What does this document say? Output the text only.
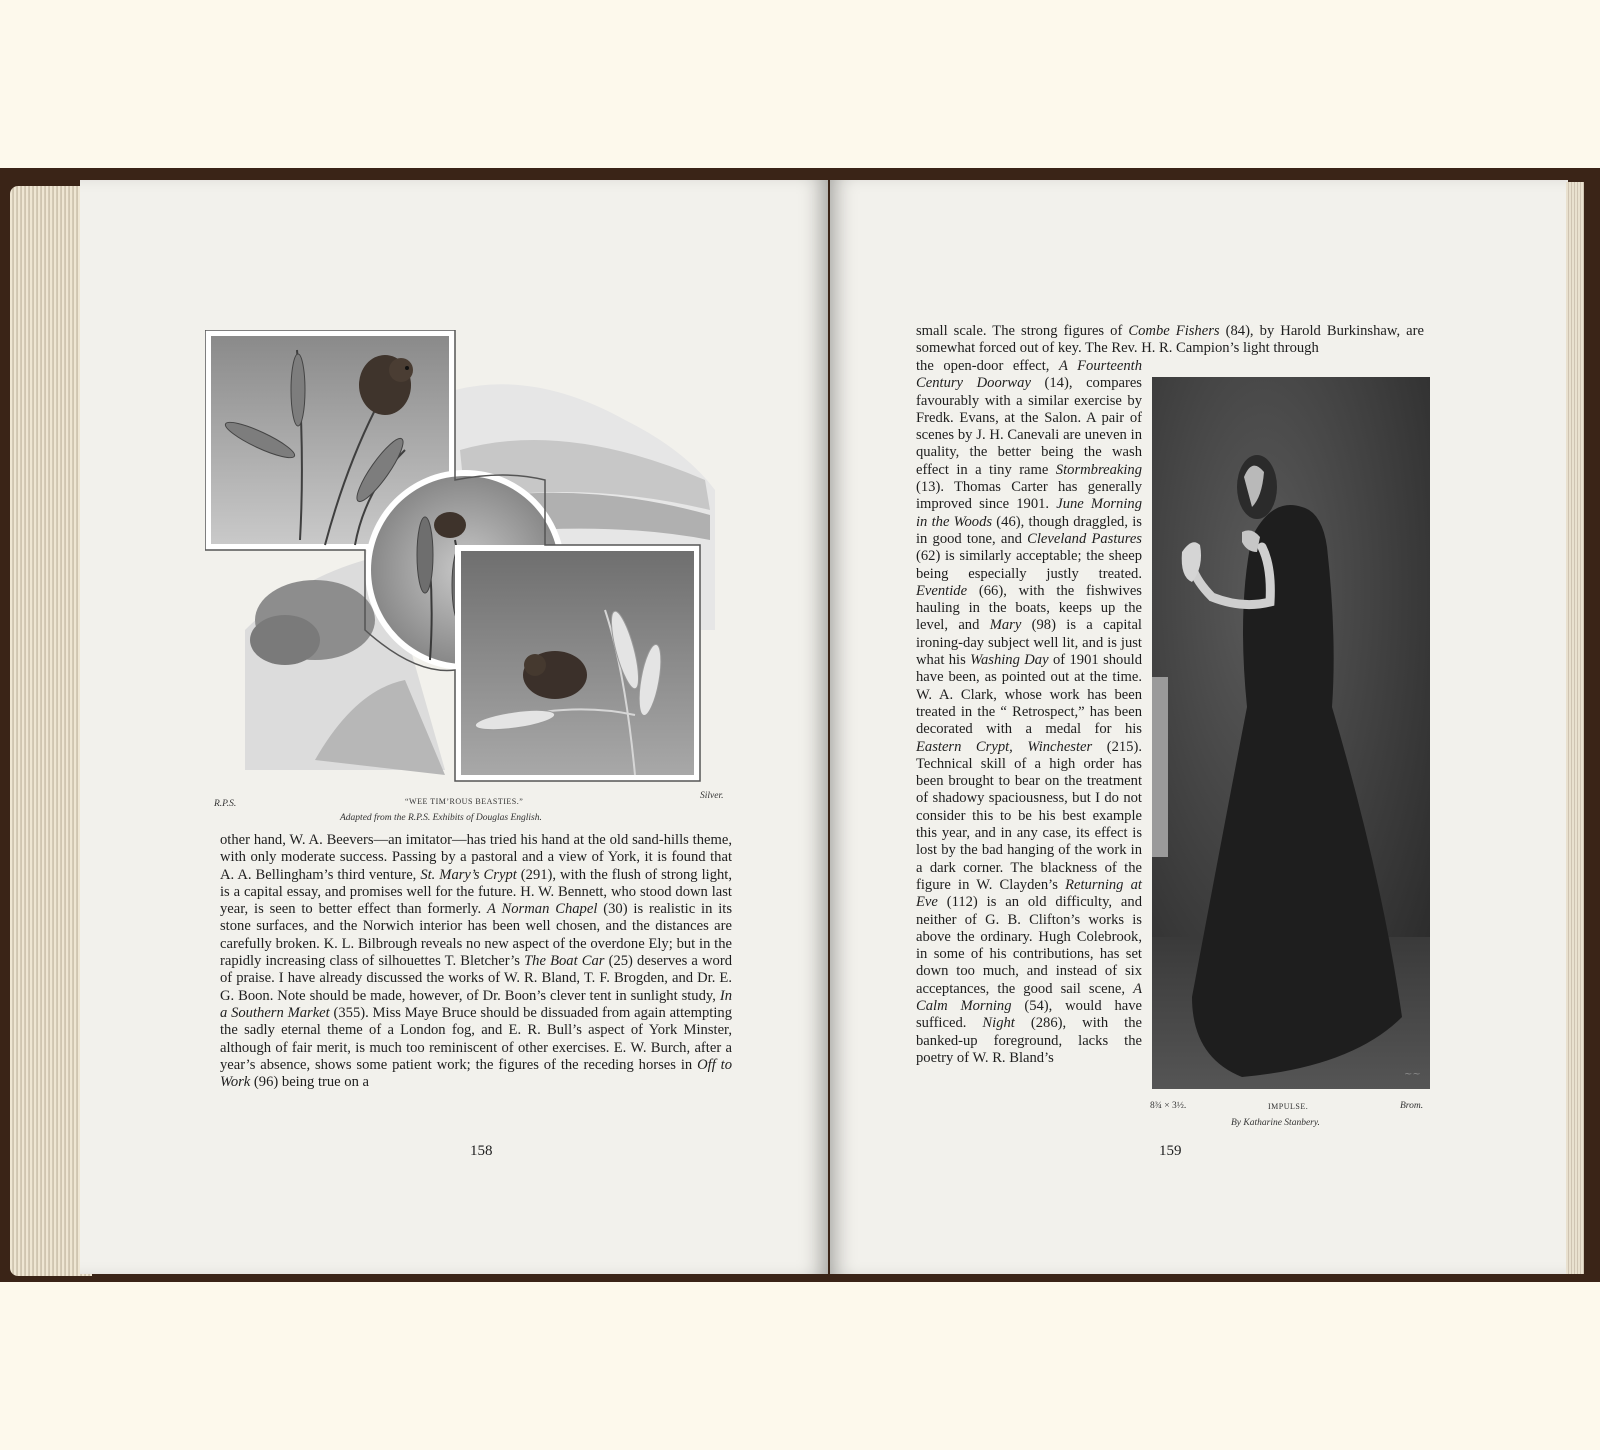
R.P.S.	“WEE TIM’ROUS BEASTIES.”
Silver.
Adapted from the R.P.S. Exhibits of Douglas English.

other hand, W. A. Beevers—an imitator—has tried his hand at the old sand-hills theme, with only moderate success. Passing by a pastoral and a view of York, it is found that A. A. Bellingham’s third venture, St. Mary’s Crypt (291), with the flush of strong light, is a capital essay, and promises well for the future. H. W. Bennett, who stood down last year, is seen to better effect than formerly. A Norman Chapel (30) is realistic in its stone surfaces, and the Norwich interior has been well chosen, and the distances are carefully broken. K. L. Bilbrough reveals no new aspect of the overdone Ely; but in the rapidly increasing class of silhouettes T. Bletcher’s The Boat Car (25) deserves a word of praise. I have already discussed the works of W. R. Bland, T. F. Brogden, and Dr. E. G. Boon. Note should be made, however, of Dr. Boon’s clever tent in sunlight study, In a Southern Market (355). Miss Maye Bruce should be dissuaded from again attempting the sadly eternal theme of a London fog, and E. R. Bull’s aspect of York Minster, although of fair merit, is much too reminiscent of other exercises. E. W. Burch, after a year’s absence, shows some patient work; the figures of the receding horses in Off to Work (96) being true on a

158

small scale. The strong figures of Combe Fishers (84), by Harold Burkinshaw, are somewhat forced out of key. The Rev. H. R. Campion’s light through

the open-door effect, A Fourteenth Century Doorway (14), compares favourably with a similar exercise by Fredk. Evans, at the Salon. A pair of scenes by J. H. Canevali are uneven in quality, the better being the wash effect in a tiny rame Stormbreaking (13). Thomas Carter has generally improved since 1901. June Morning in the Woods (46), though draggled, is in good tone, and Cleveland Pastures (62) is similarly acceptable; the sheep being especially justly treated. Eventide (66), with the fishwives hauling in the boats, keeps up the level, and Mary (98) is a capital ironing-day subject well lit, and is just what his Washing Day of 1901 should have been, as pointed out at the time. W. A. Clark, whose work has been treated in the “ Retrospect,” has been decorated with a medal for his Eastern Crypt, Winchester (215). Technical skill of a high order has been brought to bear on the treatment of shadowy spaciousness, but I do not consider this to be his best example this year, and in any case, its effect is lost by the bad hanging of the work in a dark corner. The blackness of the figure in W. Clayden’s Returning at Eve (112) is an old difficulty, and neither of G. B. Clifton’s works is above the ordinary. Hugh Colebrook, in some of his contributions, has set down too much, and instead of six acceptances, the good sail scene, A Calm Morning (54), would have sufficed. Night (286), with the banked-up foreground, lacks the poetry of W. R. Bland’s

~~
8¾ × 3½.	IMPULSE.	Brom.
By Katharine Stanbery.
159
